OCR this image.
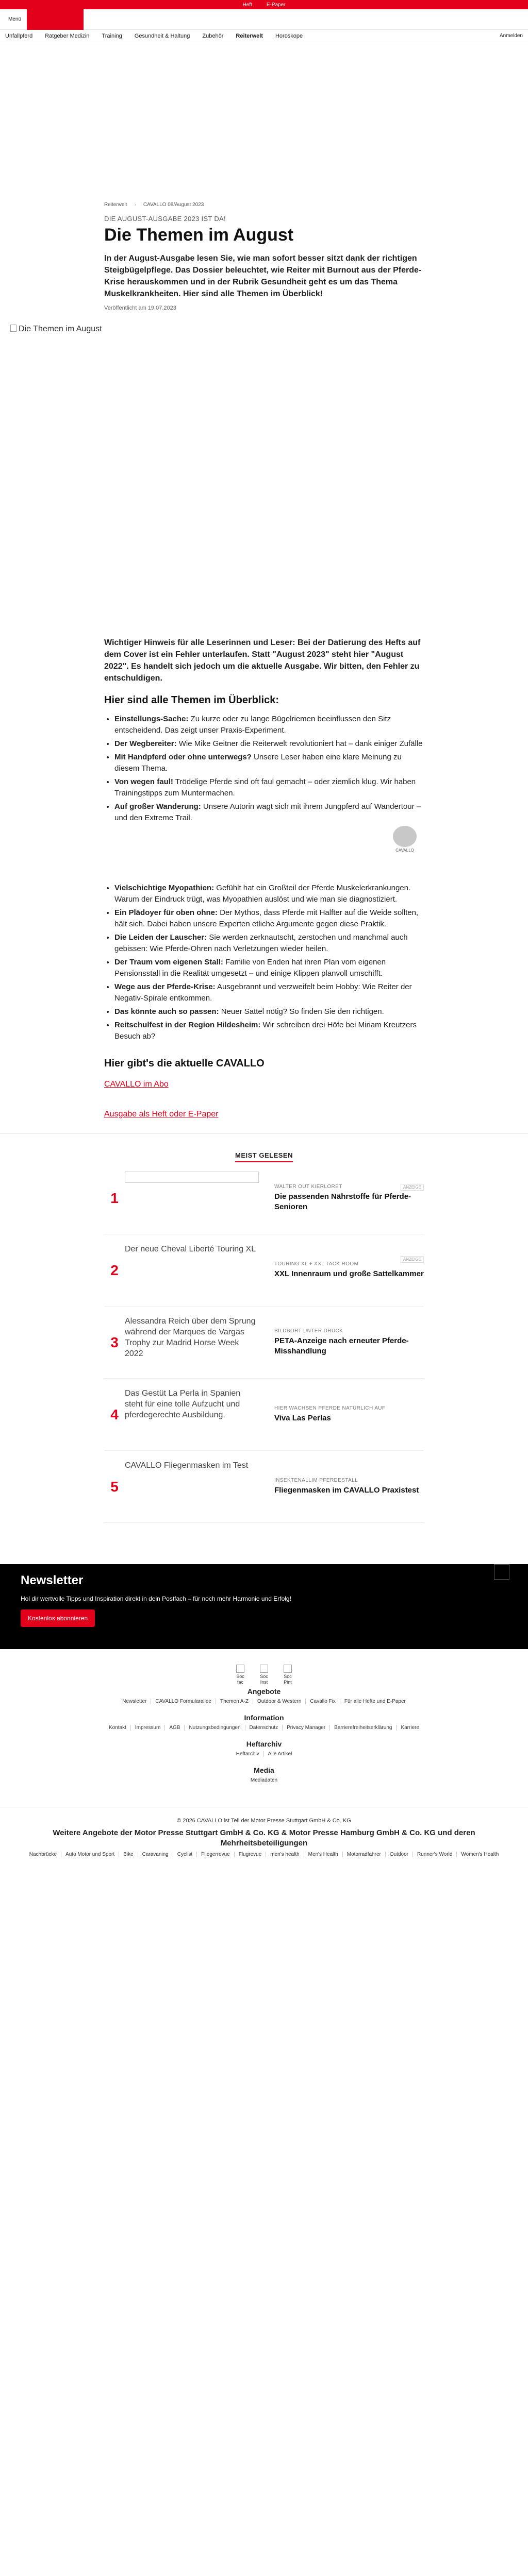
Heft	E-Paper
Menü
Unfallpferd Ratgeber Medizin Training Gesundheit & Haltung Zubehör Reiterwelt Horoskope	Anmelden
Reiterwelt › CAVALLO 08/August 2023
DIE AUGUST-AUSGABE 2023 IST DA!
Die Themen im August
In der August-Ausgabe lesen Sie, wie man sofort besser sitzt dank der richtigen Steigbügelpflege. Das Dossier beleuchtet, wie Reiter mit Burnout aus der Pferde-Krise herauskommen und in der Rubrik Gesundheit geht es um das Thema Muskelkrankheiten. Hier sind alle Themen im Überblick!
Veröffentlicht am 19.07.2023
Die Themen im August

Wichtiger Hinweis für alle Leserinnen und Leser: Bei der Datierung des Hefts auf dem Cover ist ein Fehler unterlaufen. Statt "August 2023" steht hier "August 2022". Es handelt sich jedoch um die aktuelle Ausgabe. Wir bitten, den Fehler zu entschuldigen.

Hier sind alle Themen im Überblick:
• Einstellungs-Sache: Zu kurze oder zu lange Bügelriemen beeinflussen den Sitz entscheidend. Das zeigt unser Praxis-Experiment.
• Der Wegbereiter: Wie Mike Geitner die Reiterwelt revolutioniert hat – dank einiger Zufälle
• Mit Handpferd oder ohne unterwegs? Unsere Leser haben eine klare Meinung zu diesem Thema.
• Von wegen faul! Trödelige Pferde sind oft faul gemacht – oder ziemlich klug. Wir haben Trainingstipps zum Muntermachen.
• Auf großer Wanderung: Unsere Autorin wagt sich mit ihrem Jungpferd auf Wandertour – und den Extreme Trail.
CAVALLO
• Vielschichtige Myopathien: Gefühlt hat ein Großteil der Pferde Muskelerkrankungen. Warum der Eindruck trügt, was Myopathien auslöst und wie man sie diagnostiziert.
• Ein Plädoyer für oben ohne: Der Mythos, dass Pferde mit Halfter auf die Weide sollten, hält sich. Dabei haben unsere Experten etliche Argumente gegen diese Praktik.
• Die Leiden der Lauscher: Sie werden zerknautscht, zerstochen und manchmal auch gebissen: Wie Pferde-Ohren nach Verletzungen wieder heilen.
• Der Traum vom eigenen Stall: Familie von Enden hat ihren Plan vom eigenen Pensionsstall in die Realität umgesetzt – und einige Klippen planvoll umschifft.
• Wege aus der Pferde-Krise: Ausgebrannt und verzweifelt beim Hobby: Wie Reiter der Negativ-Spirale entkommen.
• Das könnte auch so passen: Neuer Sattel nötig? So finden Sie den richtigen.
• Reitschulfest in der Region Hildesheim: Wir schreiben drei Höfe bei Miriam Kreutzers Besuch ab?
Hier gibt's die aktuelle CAVALLO
CAVALLO im Abo
Ausgabe als Heft oder E-Paper
MEIST GELESEN
1
WALTER OUT KIERLORET
Die passenden Nährstoffe für Pferde-Senioren
ANZEIGE
2
Der neue Cheval Liberté Touring XL
TOURING XL + XXL TACK ROOM
XXL Innenraum und große Sattelkammer
ANZEIGE
3
Alessandra Reich über dem Sprung während der Marques de Vargas Trophy zur Madrid Horse Week 2022
BILDBORT UNTER DRUCK
PETA-Anzeige nach erneuter Pferde-Misshandlung
4
Das Gestüt La Perla in Spanien steht für eine tolle Aufzucht und pferdegerechte Ausbildung.
HIER WACHSEN PFERDE NATÜRLICH AUF
Viva Las Perlas
5
CAVALLO Fliegenmasken im Test
INSEKTENALLIM PFERDESTALL
Fliegenmasken im CAVALLO Praxistest
Newsletter

Hol dir wertvolle Tipps und Inspiration direkt in dein Postfach – für noch mehr Harmonie und Erfolg!

Kostenlos abonnieren
Soc fac
Soc Inst
Soc Pint
Angebote
Newsletter	CAVALLO Formularallee	Themen A-Z	Outdoor & Western	Cavallo Fix	Für alle Hefte und E-Paper
Information
Kontakt	Impressum	AGB	Nutzungsbedingungen	Datenschutz	Privacy Manager	Barrierefreiheitserklärung	Karriere
Heftarchiv
Heftarchiv	Alle Artikel
Media
Mediadaten
© 2026 CAVALLO ist Teil der Motor Presse Stuttgart GmbH & Co. KG
Weitere Angebote der Motor Presse Stuttgart GmbH & Co. KG & Motor Presse Hamburg GmbH & Co. KG und deren Mehrheitsbeteiligungen
Nachbrücke	Auto Motor und Sport	Bike	Caravaning	Cyclist	Fliegerrevue	Flugrevue	men's health	Men's Health	Motorradfahrer	Outdoor	Runner's World	Women's Health
